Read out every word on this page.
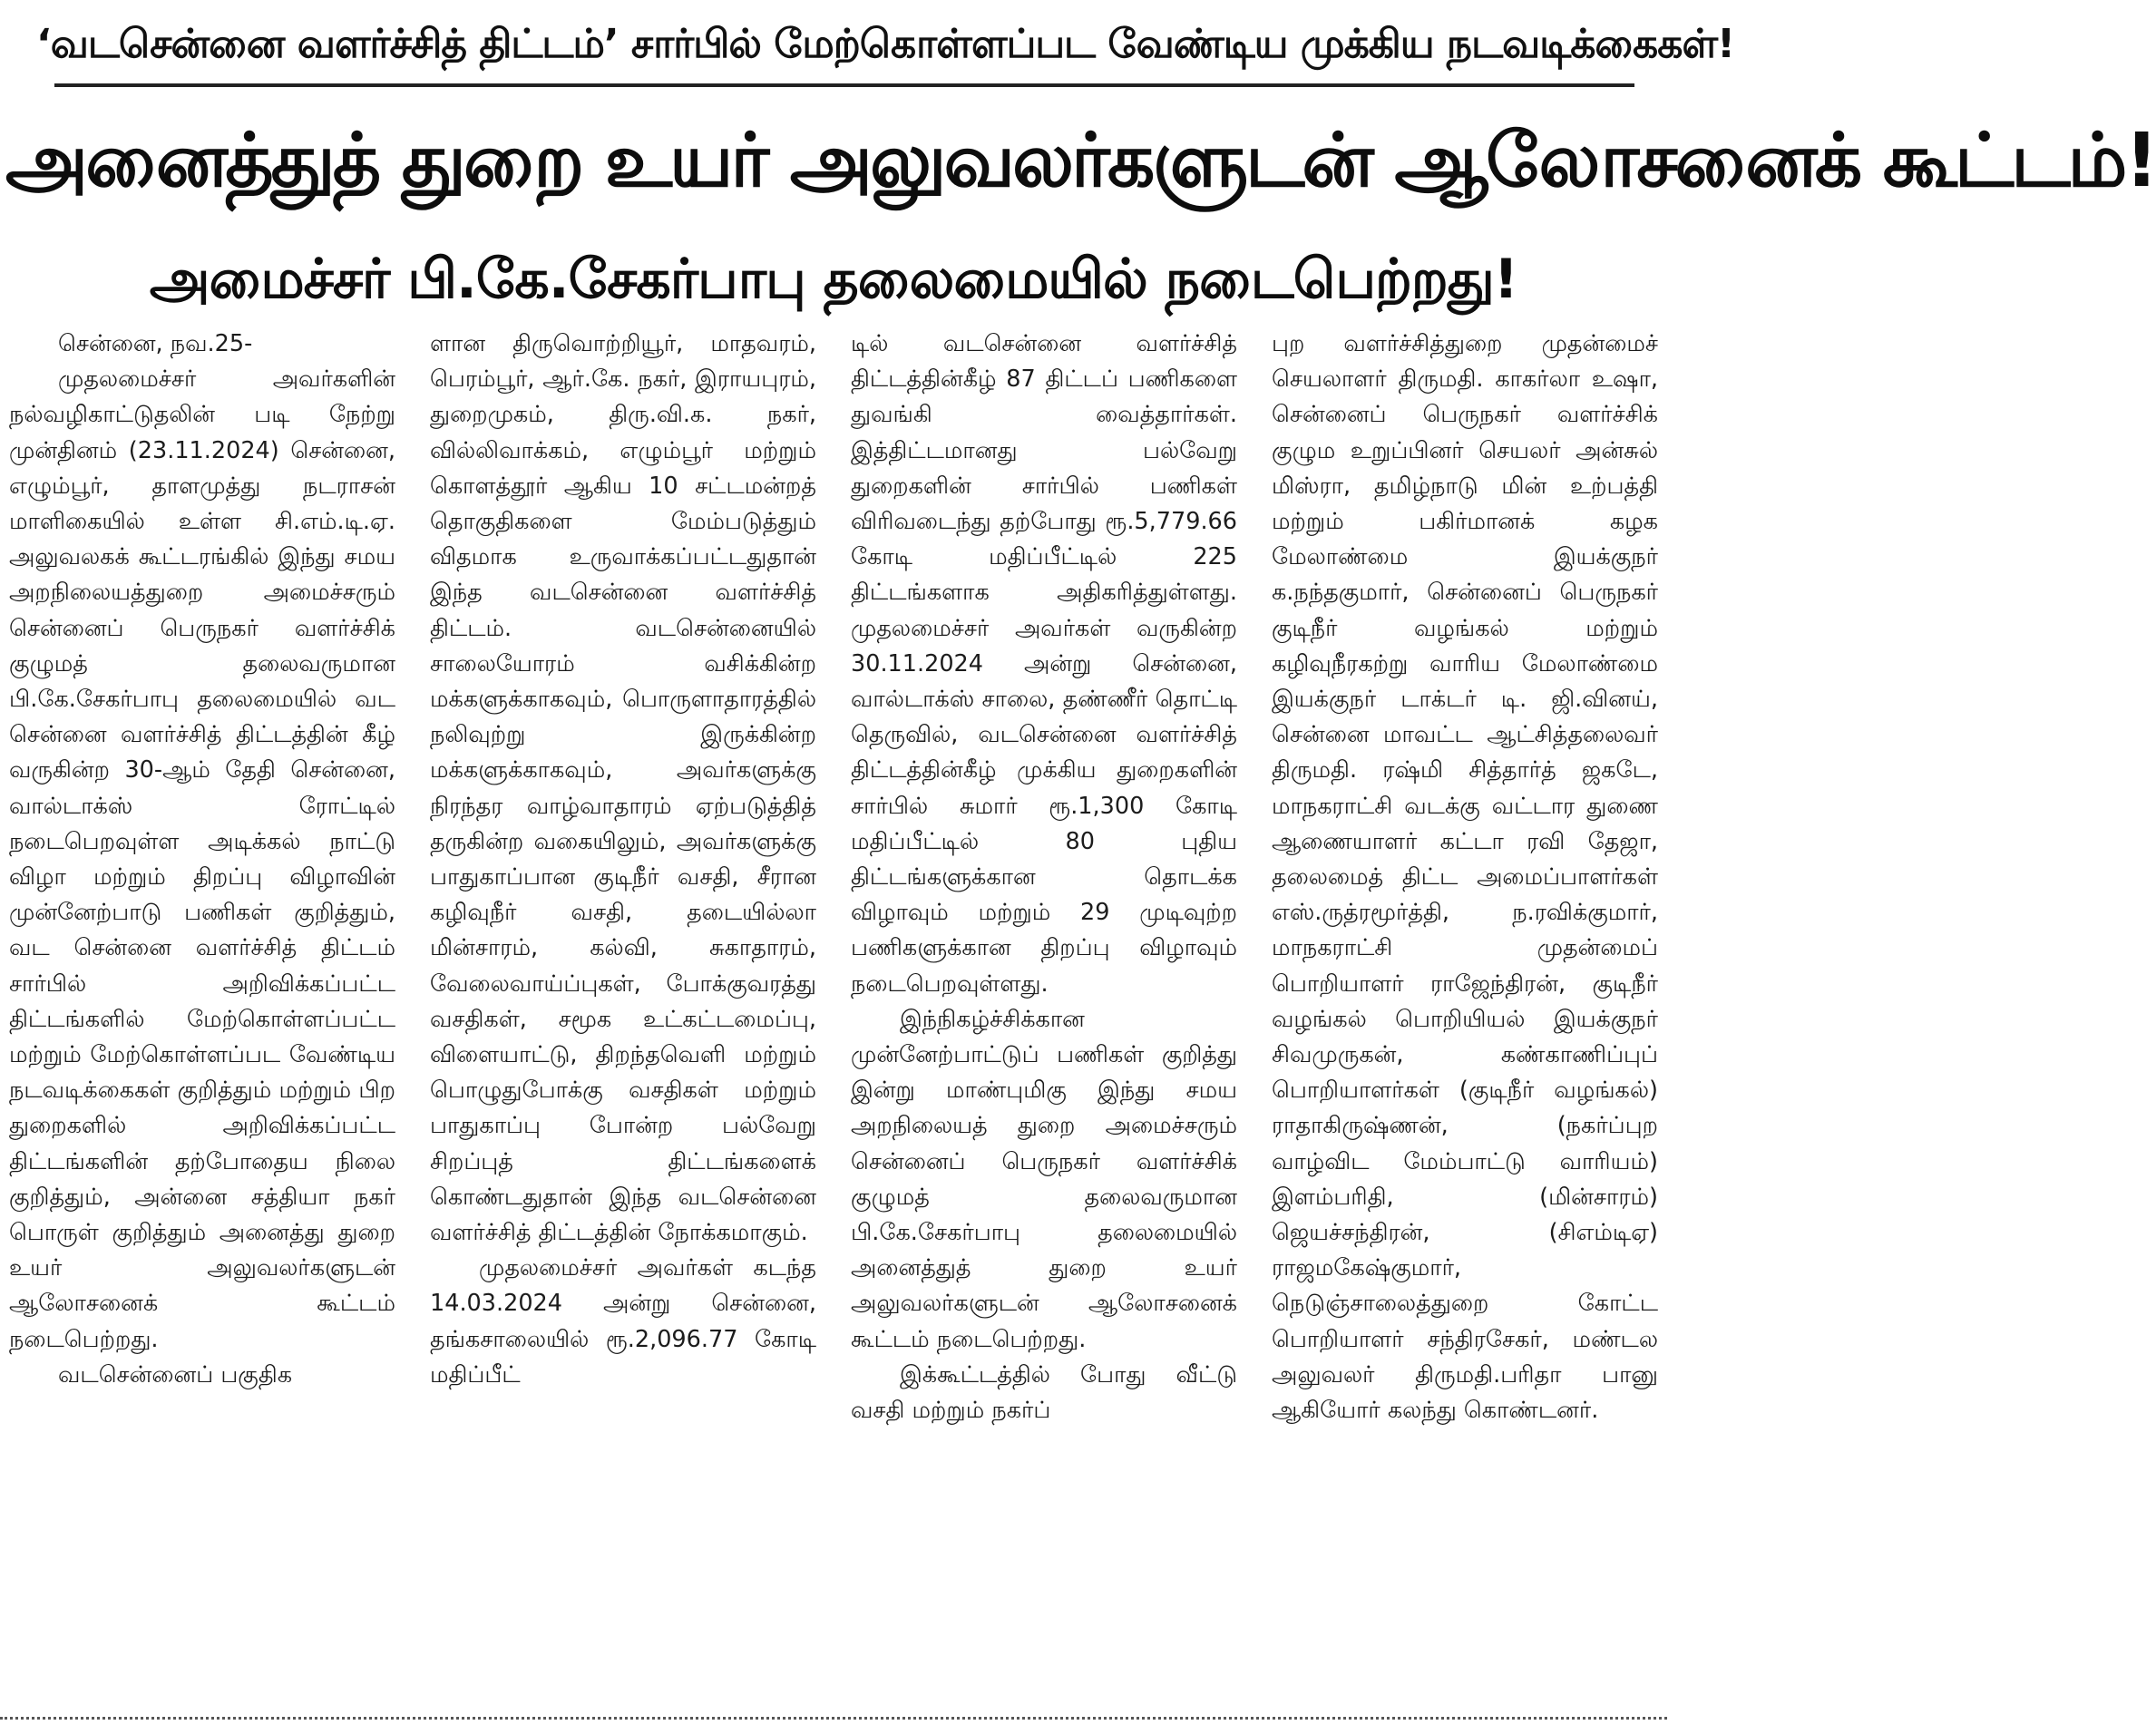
‘வடசென்னை வளர்ச்சித் திட்டம்’ சார்பில் மேற்கொள்ளப்பட வேண்டிய முக்கிய நடவடிக்கைகள்!
அனைத்துத் துறை உயர் அலுவலர்களுடன் ஆலோசனைக் கூட்டம்!
அமைச்சர் பி.கே.சேகர்பாபு தலைமையில் நடைபெற்றது!

சென்னை, நவ.25-

முதலமைச்சர் அவர்களின் நல்வழிகாட்டுதலின் படி நேற்று முன்தினம் (23.11.2024) சென்னை, எழும்பூர், தாளமுத்து நடராசன் மாளிகையில் உள்ள சி.எம்.டி.ஏ. அலுவலகக் கூட்டரங்கில் இந்து சமய அறநிலையத்துறை அமைச்சரும் சென்னைப் பெருநகர் வளர்ச்சிக் குழுமத் தலைவருமான பி.கே.சேகர்பாபு தலைமையில் வட சென்னை வளர்ச்சித் திட்டத்தின் கீழ் வருகின்ற 30-ஆம் தேதி சென்னை, வால்டாக்ஸ் ரோட்டில் நடைபெறவுள்ள அடிக்கல் நாட்டு விழா மற்றும் திறப்பு விழாவின் முன்னேற்பாடு பணிகள் குறித்தும், வட சென்னை வளர்ச்சித் திட்டம் சார்பில் அறிவிக்கப்பட்ட திட்டங்களில் மேற்கொள்ளப்பட்ட மற்றும் மேற்கொள்ளப்பட வேண்டிய நடவடிக்கைகள் குறித்தும் மற்றும் பிற துறைகளில் அறிவிக்கப்பட்ட திட்டங்களின் தற்போதைய நிலை குறித்தும், அன்னை சத்தியா நகர் பொருள் குறித்தும் அனைத்து துறை உயர் அலுவலர்களுடன் ஆலோசனைக் கூட்டம் நடைபெற்றது.

வடசென்னைப் பகுதிக

ளான திருவொற்றியூர், மாதவரம், பெரம்பூர், ஆர்.கே. நகர், இராயபுரம், துறைமுகம், திரு.வி.க. நகர், வில்லிவாக்கம், எழும்பூர் மற்றும் கொளத்தூர் ஆகிய 10 சட்டமன்றத் தொகுதிகளை மேம்படுத்தும் விதமாக உருவாக்கப்பட்டதுதான் இந்த வடசென்னை வளர்ச்சித் திட்டம். வடசென்னையில் சாலையோரம் வசிக்கின்ற மக்களுக்காகவும், பொருளாதாரத்தில் நலிவுற்று இருக்கின்ற மக்களுக்காகவும், அவர்களுக்கு நிரந்தர வாழ்வாதாரம் ஏற்படுத்தித் தருகின்ற வகையிலும், அவர்களுக்கு பாதுகாப்பான குடிநீர் வசதி, சீரான கழிவுநீர் வசதி, தடையில்லா மின்சாரம், கல்வி, சுகாதாரம், வேலைவாய்ப்புகள், போக்குவரத்து வசதிகள், சமூக உட்கட்டமைப்பு, விளையாட்டு, திறந்தவெளி மற்றும் பொழுதுபோக்கு வசதிகள் மற்றும் பாதுகாப்பு போன்ற பல்வேறு சிறப்புத் திட்டங்களைக் கொண்டதுதான் இந்த வடசென்னை வளர்ச்சித் திட்டத்தின் நோக்கமாகும்.

முதலமைச்சர் அவர்கள் கடந்த 14.03.2024 அன்று சென்னை, தங்கசாலையில் ரூ.2,096.77 கோடி மதிப்பீட்

டில் வடசென்னை வளர்ச்சித் திட்டத்தின்கீழ் 87 திட்டப் பணிகளை துவங்கி வைத்தார்கள். இத்திட்டமானது பல்வேறு துறைகளின் சார்பில் பணிகள் விரிவடைந்து தற்போது ரூ.5,779.66 கோடி மதிப்பீட்டில் 225 திட்டங்களாக அதிகரித்துள்ளது. முதலமைச்சர் அவர்கள் வருகின்ற 30.11.2024 அன்று சென்னை, வால்டாக்ஸ் சாலை, தண்ணீர் தொட்டி தெருவில், வடசென்னை வளர்ச்சித் திட்டத்தின்கீழ் முக்கிய துறைகளின் சார்பில் சுமார் ரூ.1,300 கோடி மதிப்பீட்டில் 80 புதிய திட்டங்களுக்கான தொடக்க விழாவும் மற்றும் 29 முடிவுற்ற பணிகளுக்கான திறப்பு விழாவும் நடைபெறவுள்ளது.

இந்நிகழ்ச்சிக்கான முன்னேற்பாட்டுப் பணிகள் குறித்து இன்று மாண்புமிகு இந்து சமய அறநிலையத் துறை அமைச்சரும் சென்னைப் பெருநகர் வளர்ச்சிக் குழுமத் தலைவருமான பி.கே.சேகர்பாபு தலைமையில் அனைத்துத் துறை உயர் அலுவலர்களுடன் ஆலோசனைக் கூட்டம் நடைபெற்றது.

இக்கூட்டத்தில் போது வீட்டு வசதி மற்றும் நகர்ப்

புற வளர்ச்சித்துறை முதன்மைச் செயலாளர் திருமதி. காகர்லா உஷா, சென்னைப் பெருநகர் வளர்ச்சிக் குழும உறுப்பினர் செயலர் அன்சுல் மிஸ்ரா, தமிழ்நாடு மின் உற்பத்தி மற்றும் பகிர்மானக் கழக மேலாண்மை இயக்குநர் க.நந்தகுமார், சென்னைப் பெருநகர் குடிநீர் வழங்கல் மற்றும் கழிவுநீரகற்று வாரிய மேலாண்மை இயக்குநர் டாக்டர் டி. ஜி.வினய், சென்னை மாவட்ட ஆட்சித்தலைவர் திருமதி. ரஷ்மி சித்தார்த் ஜகடே, மாநகராட்சி வடக்கு வட்டார துணை ஆணையாளர் கட்டா ரவி தேஜா, தலைமைத் திட்ட அமைப்பாளர்கள் எஸ்.ருத்ரமூர்த்தி, ந.ரவிக்குமார், மாநகராட்சி முதன்மைப் பொறியாளர் ராஜேந்திரன், குடிநீர் வழங்கல் பொறியியல் இயக்குநர் சிவமுருகன், கண்காணிப்புப் பொறியாளர்கள் (குடிநீர் வழங்கல்) ராதாகிருஷ்ணன், (நகர்ப்புற வாழ்விட மேம்பாட்டு வாரியம்) இளம்பரிதி, (மின்சாரம்) ஜெயச்சந்திரன், (சிஎம்டிஏ) ராஜமகேஷ்குமார், நெடுஞ்சாலைத்துறை கோட்ட பொறியாளர் சந்திரசேகர், மண்டல அலுவலர் திருமதி.பரிதா பானு ஆகியோர் கலந்து கொண்டனர்.
